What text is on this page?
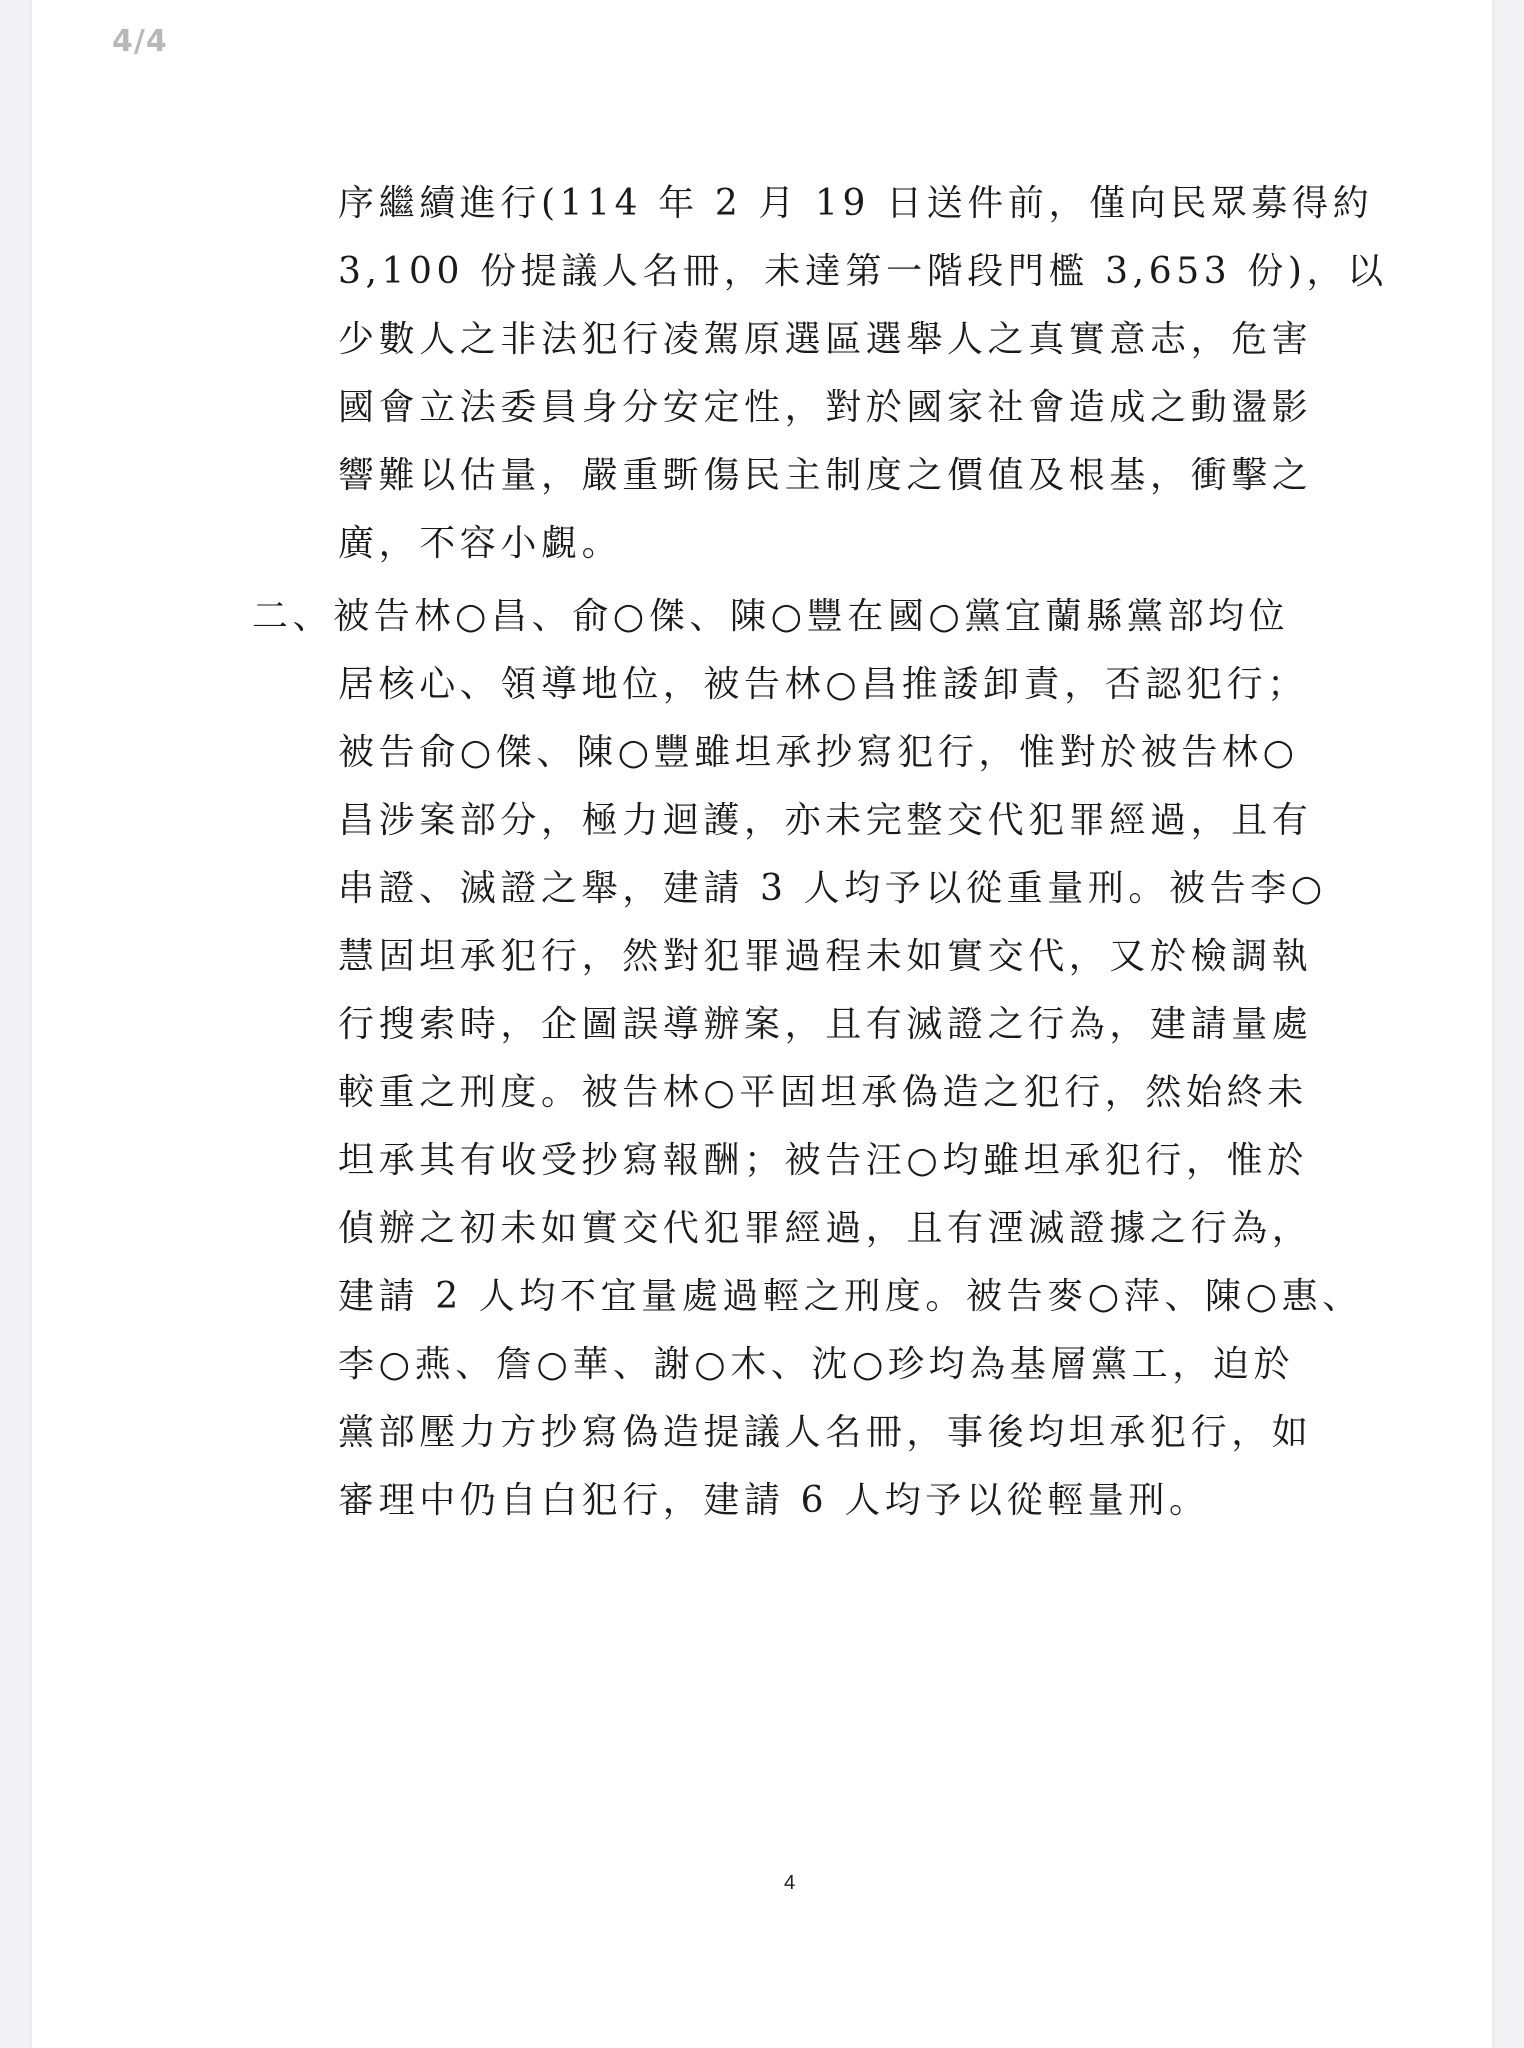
4/4
序繼續進行(114 年 2 月 19 日送件前，僅向民眾募得約
3,100 份提議人名冊，未達第一階段門檻 3,653 份)，以
少數人之非法犯行凌駕原選區選舉人之真實意志，危害
國會立法委員身分安定性，對於國家社會造成之動盪影
響難以估量，嚴重斲傷民主制度之價值及根基，衝擊之
廣，不容小覷。
二、被告林○昌、俞○傑、陳○豐在國○黨宜蘭縣黨部均位
居核心、領導地位，被告林○昌推諉卸責，否認犯行；
被告俞○傑、陳○豐雖坦承抄寫犯行，惟對於被告林○
昌涉案部分，極力迴護，亦未完整交代犯罪經過，且有
串證、滅證之舉，建請 3 人均予以從重量刑。被告李○
慧固坦承犯行，然對犯罪過程未如實交代，又於檢調執
行搜索時，企圖誤導辦案，且有滅證之行為，建請量處
較重之刑度。被告林○平固坦承偽造之犯行，然始終未
坦承其有收受抄寫報酬；被告汪○均雖坦承犯行，惟於
偵辦之初未如實交代犯罪經過，且有湮滅證據之行為，
建請 2 人均不宜量處過輕之刑度。被告麥○萍、陳○惠、
李○燕、詹○華、謝○木、沈○珍均為基層黨工，迫於
黨部壓力方抄寫偽造提議人名冊，事後均坦承犯行，如
審理中仍自白犯行，建請 6 人均予以從輕量刑。
4
